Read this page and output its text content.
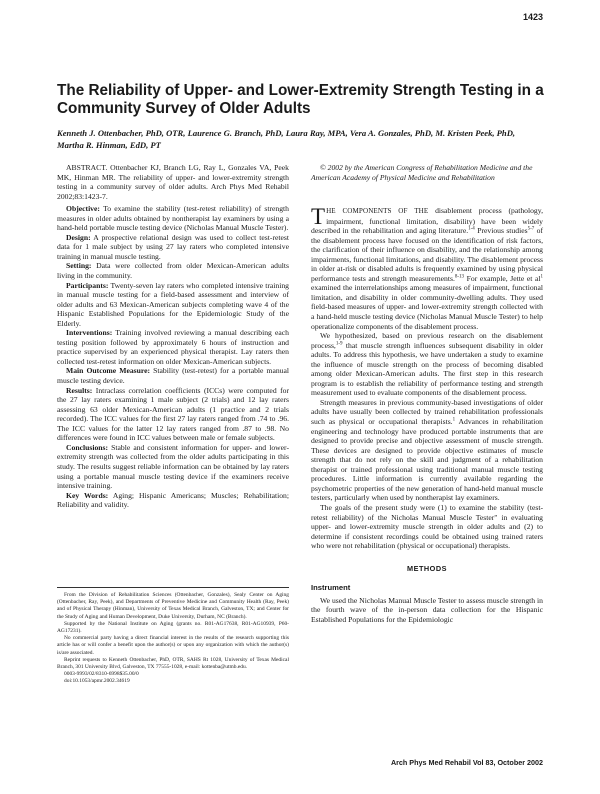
1423
The Reliability of Upper- and Lower-Extremity Strength Testing in a Community Survey of Older Adults

Kenneth J. Ottenbacher, PhD, OTR, Laurence G. Branch, PhD, Laura Ray, MPA, Vera A. Gonzales, PhD, M. Kristen Peek, PhD, Martha R. Hinman, EdD, PT

ABSTRACT. Ottenbacher KJ, Branch LG, Ray L, Gonzales VA, Peek MK, Hinman MR. The reliability of upper- and lower-extremity strength testing in a community survey of older adults. Arch Phys Med Rehabil 2002;83:1423-7.

Objective: To examine the stability (test-retest reliability) of strength measures in older adults obtained by nontherapist lay examiners by using a hand-held portable muscle testing device (Nicholas Manual Muscle Tester).

Design: A prospective relational design was used to collect test-retest data for 1 male subject by using 27 lay raters who completed intensive training in manual muscle testing.

Setting: Data were collected from older Mexican-American adults living in the community.

Participants: Twenty-seven lay raters who completed intensive training in manual muscle testing for a field-based assessment and interview of older adults and 63 Mexican-American subjects completing wave 4 of the Hispanic Established Populations for the Epidemiologic Study of the Elderly.

Interventions: Training involved reviewing a manual describing each testing position followed by approximately 6 hours of instruction and practice supervised by an experienced physical therapist. Lay raters then collected test-retest information on older Mexican-American subjects.

Main Outcome Measure: Stability (test-retest) for a portable manual muscle testing device.

Results: Intraclass correlation coefficients (ICCs) were computed for the 27 lay raters examining 1 male subject (2 trials) and 12 lay raters assessing 63 older Mexican-American adults (1 practice and 2 trials recorded). The ICC values for the first 27 lay raters ranged from .74 to .96. The ICC values for the latter 12 lay raters ranged from .87 to .98. No differences were found in ICC values between male or female subjects.

Conclusions: Stable and consistent information for upper- and lower-extremity strength was collected from the older adults participating in this study. The results suggest reliable information can be obtained by lay raters using a portable manual muscle testing device if the examiners receive intensive training.

Key Words: Aging; Hispanic Americans; Muscles; Rehabilitation; Reliability and validity.

From the Division of Rehabilitation Sciences (Ottenbacher, Gonzales), Sealy Center on Aging (Ottenbacher, Ray, Peek), and Departments of Preventive Medicine and Community Health (Ray, Peek) and of Physical Therapy (Hinman), University of Texas Medical Branch, Galveston, TX; and Center for the Study of Aging and Human Development, Duke University, Durham, NC (Branch).

Supported by the National Institute on Aging (grants no. R01-AG17638, R01-AG10939, P60-AG17231).

No commercial party having a direct financial interest in the results of the research supporting this article has or will confer a benefit upon the author(s) or upon any organization with which the author(s) is/are associated.

Reprint requests to Kenneth Ottenbacher, PhD, OTR, SAHS Rt 1028, University of Texas Medical Branch, 301 University Blvd, Galveston, TX 77555-1028, e-mail: kottenba@utmb.edu.

0003-9993/02/8310-6998$35.00/0

doi:10.1053/apmr.2002.34619

© 2002 by the American Congress of Rehabilitation Medicine and the American Academy of Physical Medicine and Rehabilitation

THE COMPONENTS OF THE disablement process (pathology, impairment, functional limitation, disability) have been widely described in the rehabilitation and aging literature.$^{1-4}$ Previous studies$^{5-7}$ of the disablement process have focused on the identification of risk factors, the clarification of their influence on disability, and the relationship among impairments, functional limitations, and disability. The disablement process in older at-risk or disabled adults is frequently examined by using physical performance tests and strength measurements.$^{8-13}$ For example, Jette et $al^1$ examined the interrelationships among measures of impairment, functional limitation, and disability in older community-dwelling adults. They used field-based measures of upper- and lower-extremity strength collected with a hand-held muscle testing device (Nicholas Manual Muscle Tester) to help operationalize components of the disablement process.

We hypothesized, based on previous research on the disablement process,$^{1-9}$ that muscle strength influences subsequent disability in older adults. To address this hypothesis, we have undertaken a study to examine the influence of muscle strength on the process of becoming disabled among older Mexican-American adults. The first step in this research program is to establish the reliability of performance testing and strength measurement used to evaluate components of the disablement process.

Strength measures in previous community-based investigations of older adults have usually been collected by trained rehabilitation professionals such as physical or occupational therapists.$^1$ Advances in rehabilitation engineering and technology have produced portable instruments that are designed to provide precise and objective assessment of muscle strength. These devices are designed to provide objective estimates of muscle strength that do not rely on the skill and judgment of a rehabilitation therapist or trained professional using traditional manual muscle testing procedures. Little information is currently available regarding the psychometric properties of the new generation of hand-held manual muscle testers, particularly when used by nontherapist lay examiners.

The goals of the present study were (1) to examine the stability (test-retest reliability) of the Nicholas Manual Muscle Tester" in evaluating upper- and lower-extremity muscle strength in older adults and (2) to determine if consistent recordings could be obtained using trained raters who were not rehabilitation (physical or occupational) therapists.

METHODS
Instrument

We used the Nicholas Manual Muscle Tester to assess muscle strength in the fourth wave of the in-person data collection for the Hispanic Established Populations for the Epidemiologic

Arch Phys Med Rehabil Vol 83, October 2002
